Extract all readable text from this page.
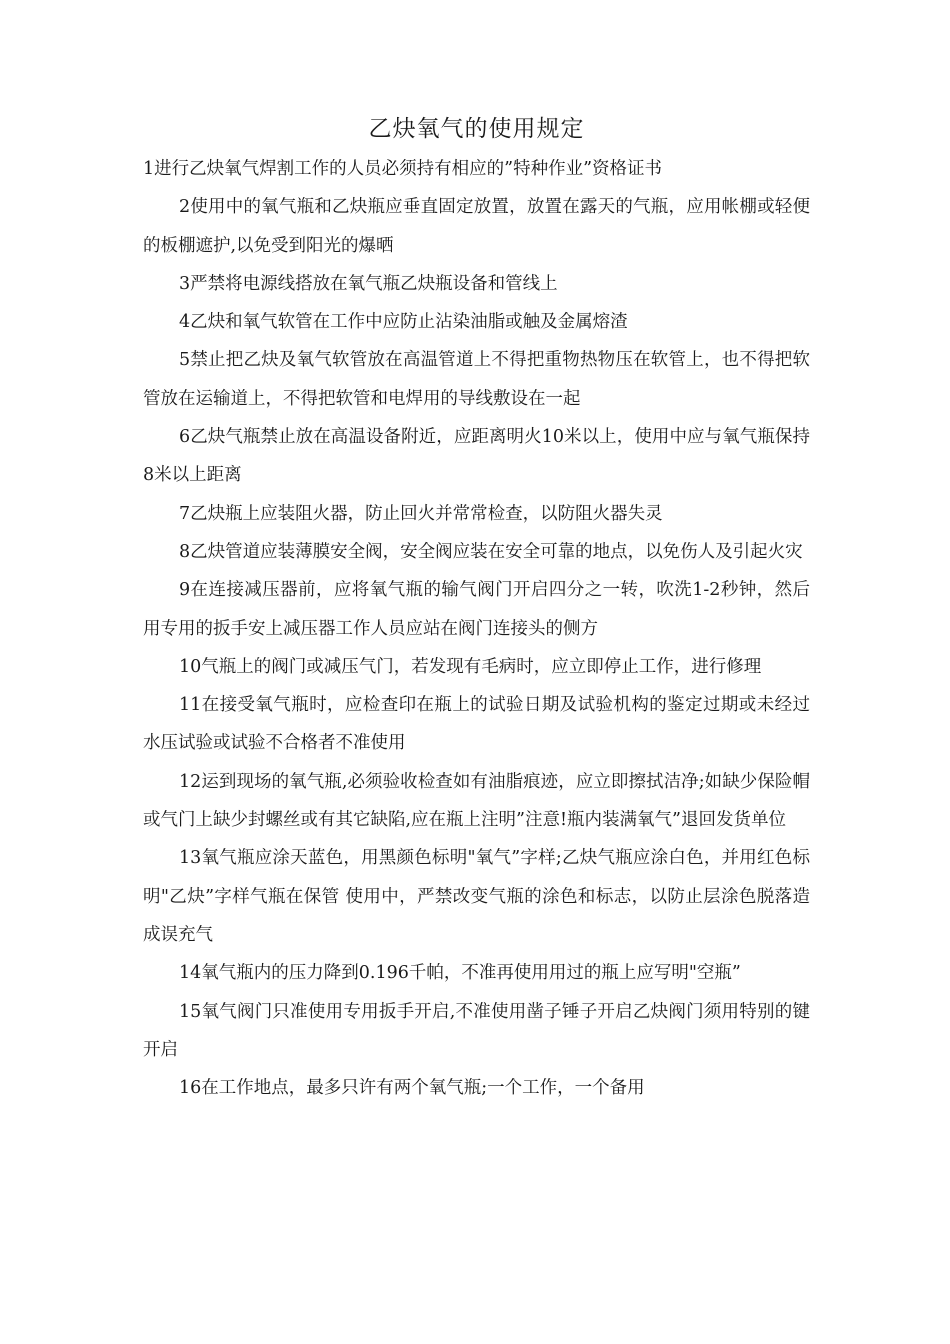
乙炔氧气的使用规定

1进行乙炔氧气焊割工作的人员必须持有相应的”特种作业”资格证书

2使用中的氧气瓶和乙炔瓶应垂直固定放置，放置在露天的气瓶，应用帐棚或轻便的板棚遮护,以免受到阳光的爆晒

3严禁将电源线搭放在氧气瓶乙炔瓶设备和管线上

4乙炔和氧气软管在工作中应防止沾染油脂或触及金属熔渣

5禁止把乙炔及氧气软管放在高温管道上不得把重物热物压在软管上，也不得把软管放在运输道上，不得把软管和电焊用的导线敷设在一起

6乙炔气瓶禁止放在高温设备附近，应距离明火10米以上，使用中应与氧气瓶保持8米以上距离

7乙炔瓶上应装阻火器，防止回火并常常检查，以防阻火器失灵

8乙炔管道应装薄膜安全阀，安全阀应装在安全可靠的地点，以免伤人及引起火灾

9在连接减压器前，应将氧气瓶的输气阀门开启四分之一转，吹洗1-2秒钟，然后用专用的扳手安上减压器工作人员应站在阀门连接头的侧方

10气瓶上的阀门或减压气门，若发现有毛病时，应立即停止工作，进行修理

11在接受氧气瓶时，应检查印在瓶上的试验日期及试验机构的鉴定过期或未经过水压试验或试验不合格者不准使用

12运到现场的氧气瓶,必须验收检查如有油脂痕迹，应立即擦拭洁净;如缺少保险帽或气门上缺少封螺丝或有其它缺陷,应在瓶上注明”注意!瓶内装满氧气”退回发货单位

13氧气瓶应涂天蓝色，用黑颜色标明"氧气”字样;乙炔气瓶应涂白色，并用红色标明"乙炔”字样气瓶在保管 使用中，严禁改变气瓶的涂色和标志，以防止层涂色脱落造成误充气

14氧气瓶内的压力降到0.196千帕，不准再使用用过的瓶上应写明"空瓶”

15氧气阀门只准使用专用扳手开启,不准使用凿子锤子开启乙炔阀门须用特别的键开启

16在工作地点，最多只许有两个氧气瓶;一个工作，一个备用
